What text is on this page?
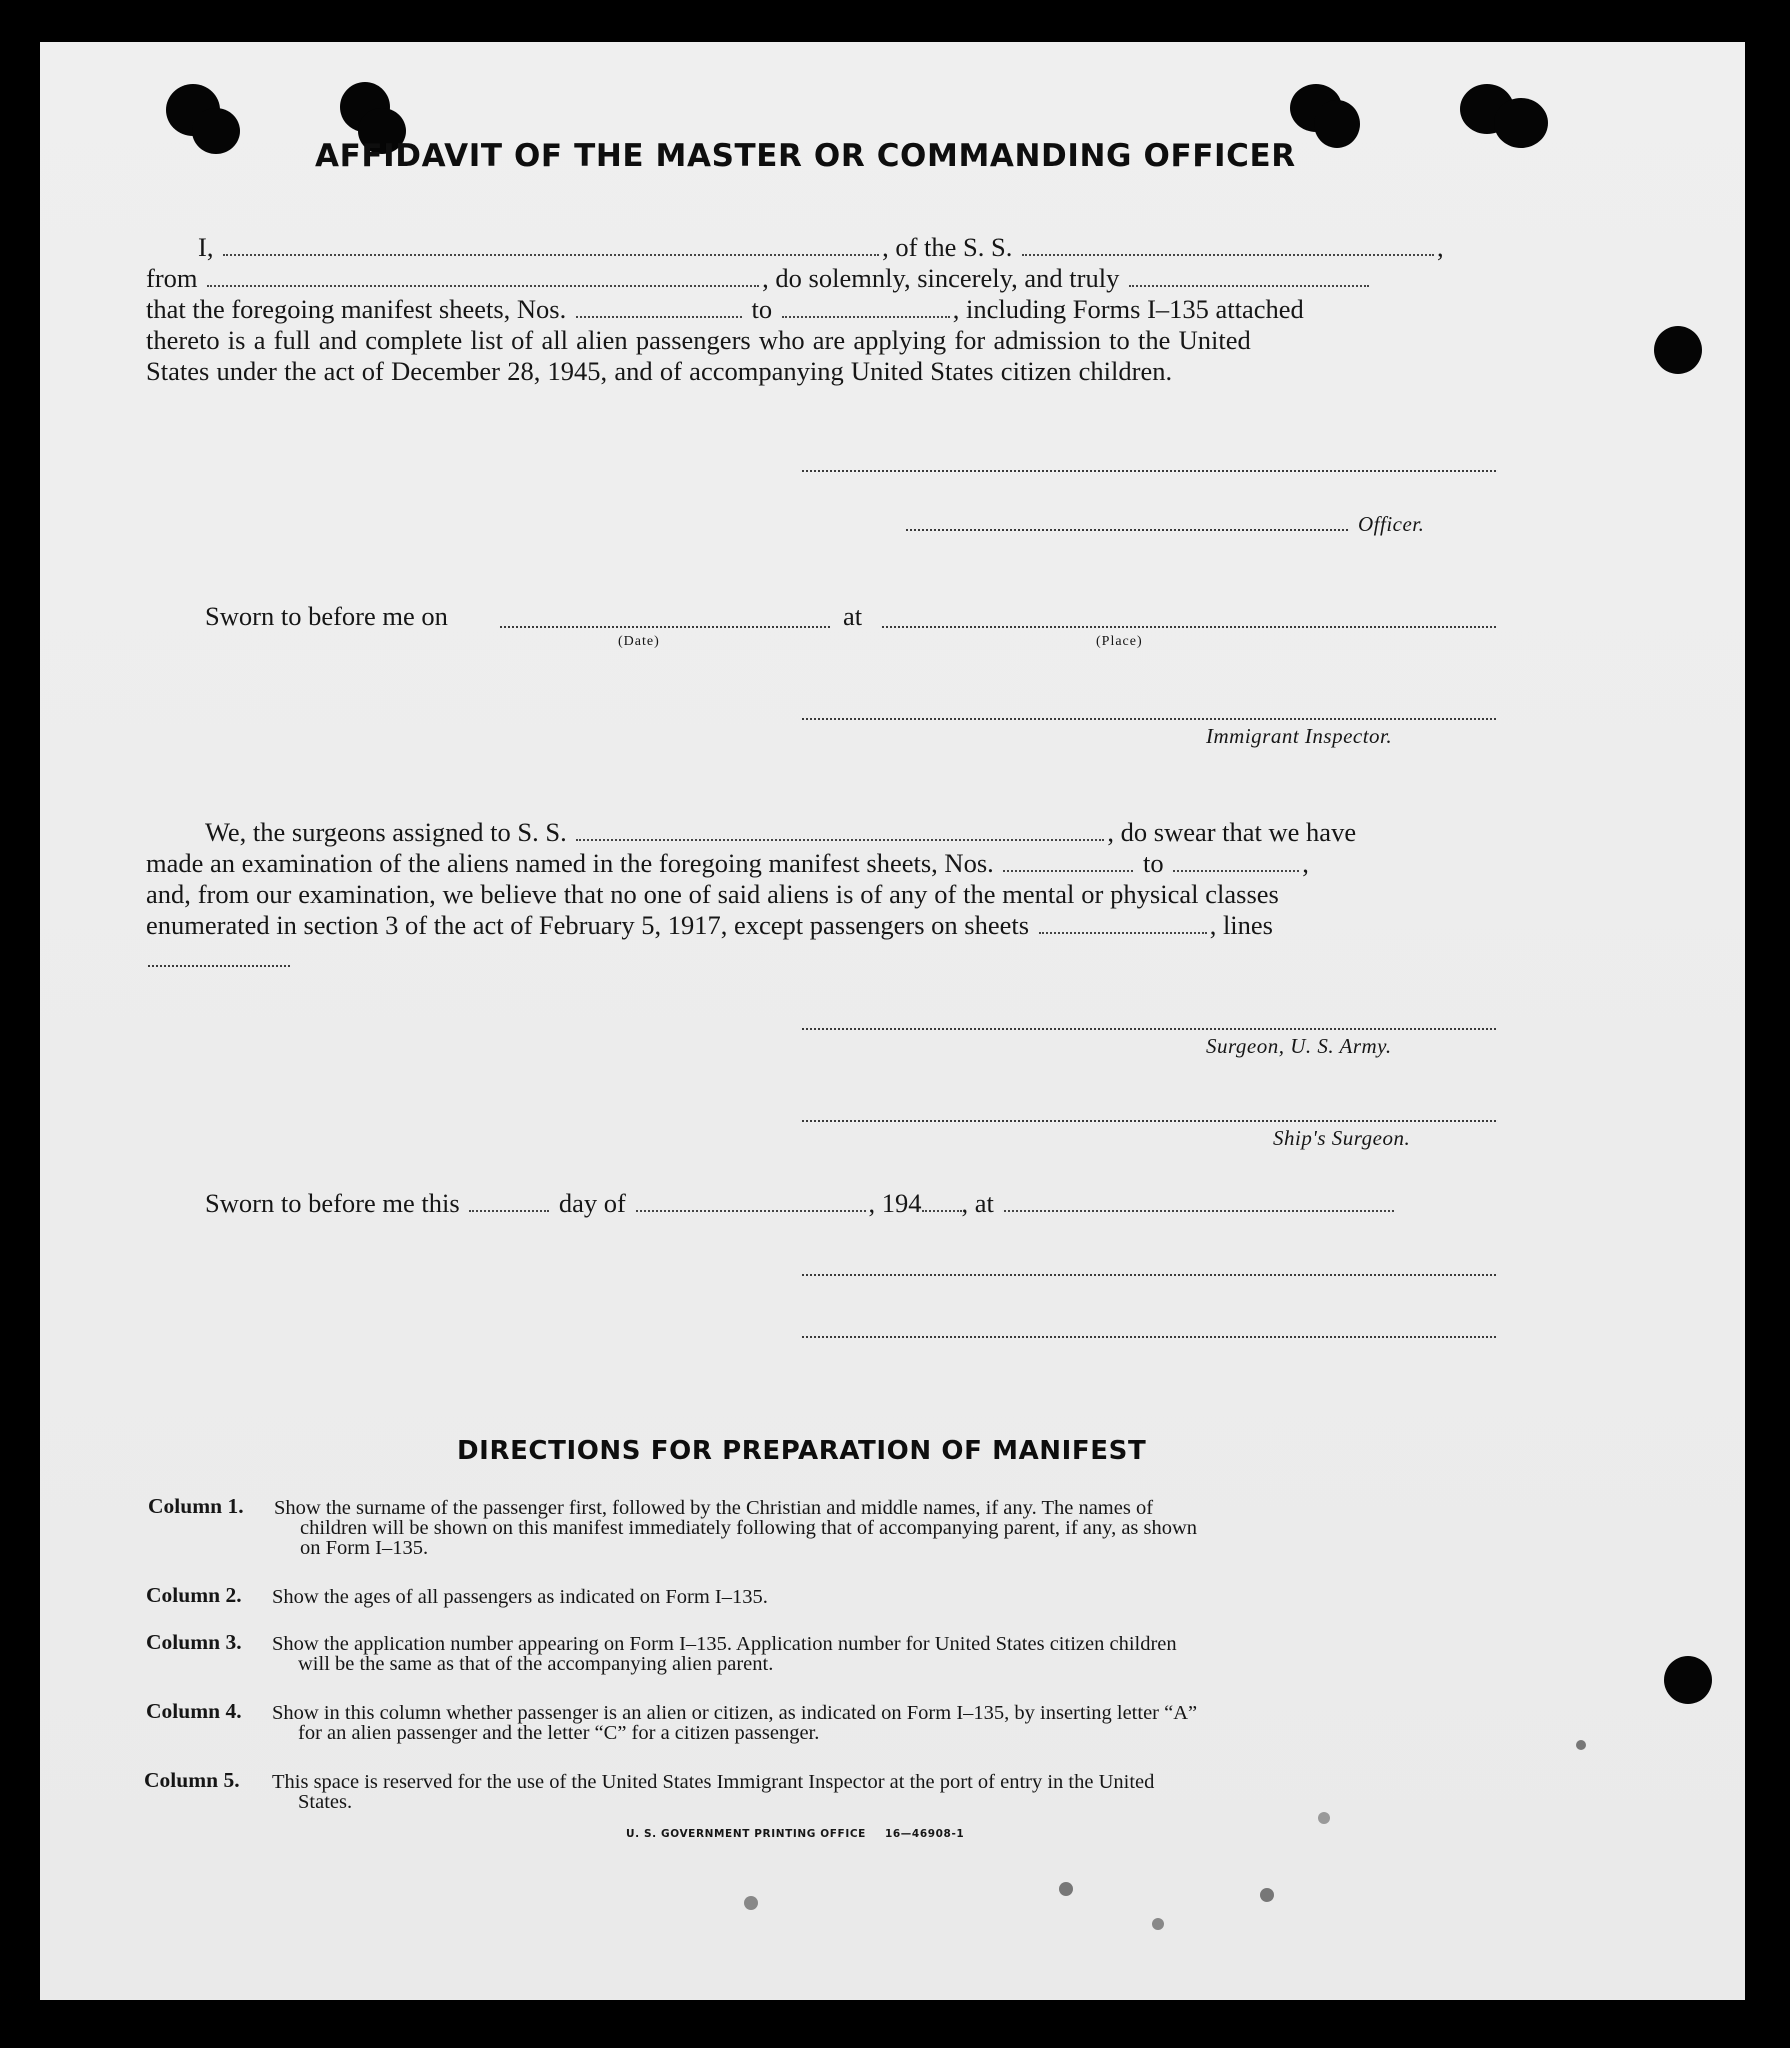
AFFIDAVIT OF THE MASTER OR COMMANDING OFFICER
I,	, of the S. S.	,
from	, do solemnly, sincerely, and truly
that the foregoing manifest sheets, Nos.	to	, including Forms I–135 attached
thereto is a full and complete list of all alien passengers who are applying for admission to the United
States under the act of December 28, 1945, and of accompanying United States citizen children.
Officer.
Sworn to before me on	at
(Date)	(Place)
Immigrant Inspector.
We, the surgeons assigned to S. S.	, do swear that we have
made an examination of the aliens named in the foregoing manifest sheets, Nos.	to	,
and, from our examination, we believe that no one of said aliens is of any of the mental or physical classes
enumerated in section 3 of the act of February 5, 1917, except passengers on sheets	, lines
Surgeon, U. S. Army.
Ship's Surgeon.
Sworn to before me this	day of	, 194 , at
DIRECTIONS FOR PREPARATION OF MANIFEST
Column 1. Show the surname of the passenger first, followed by the Christian and middle names, if any. The names of
children will be shown on this manifest immediately following that of accompanying parent, if any, as shown
on Form I–135.
Column 2. Show the ages of all passengers as indicated on Form I–135.
Column 3. Show the application number appearing on Form I–135. Application number for United States citizen children
will be the same as that of the accompanying alien parent.
Column 4. Show in this column whether passenger is an alien or citizen, as indicated on Form I–135, by inserting letter “A”
for an alien passenger and the letter “C” for a citizen passenger.
Column 5. This space is reserved for the use of the United States Immigrant Inspector at the port of entry in the United
States.
U. S. GOVERNMENT PRINTING OFFICE 16—46908-1
